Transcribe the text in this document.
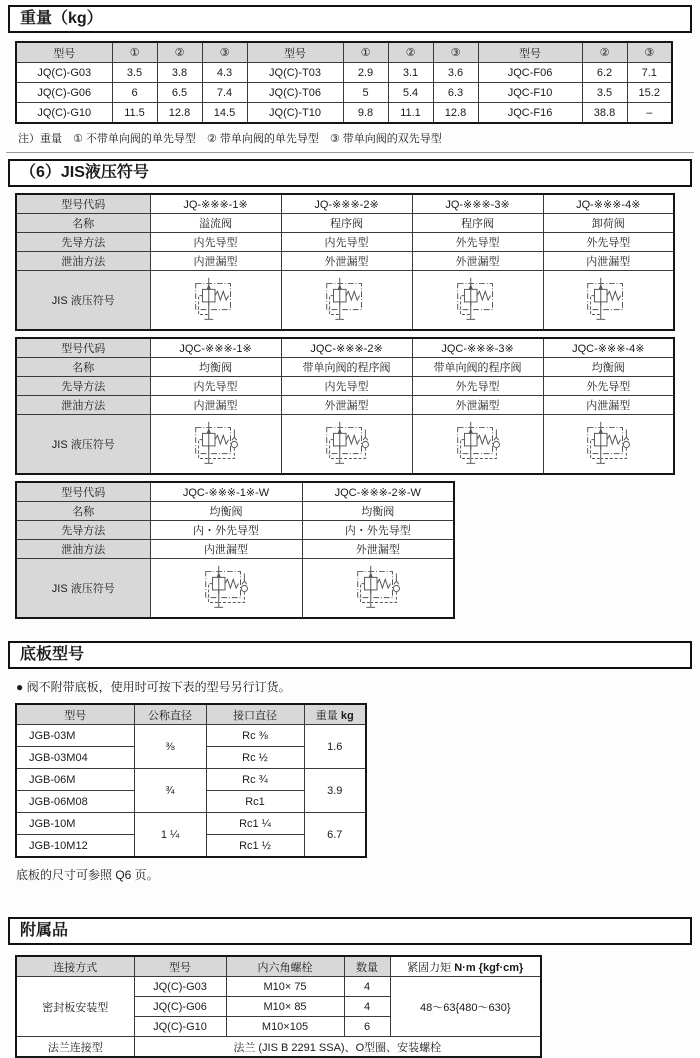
重量（kg）
型号	①	②	③	型号	①	②	③	型号	②	③
JQ(C)-G03	3.5	3.8	4.3	JQ(C)-T03	2.9	3.1	3.6	JQC-F06	6.2	7.1
JQ(C)-G06	6	6.5	7.4	JQ(C)-T06	5	5.4	6.3	JQC-F10	3.5	15.2
JQ(C)-G10	11.5	12.8	14.5	JQ(C)-T10	9.8	11.1	12.8	JQC-F16	38.8	–
注）重量　① 不带单向阀的单先导型　② 带单向阀的单先导型　③ 带单向阀的双先导型
（6）JIS液压符号
型号代码	JQ-※※※-1※	JQ-※※※-2※	JQ-※※※-3※	JQ-※※※-4※
名称	溢流阀	程序阀	程序阀	卸荷阀
先导方法	内先导型	内先导型	外先导型	外先导型
泄油方法	内泄漏型	外泄漏型	外泄漏型	内泄漏型
JIS 液压符号	

型号代码	JQC-※※※-1※	JQC-※※※-2※	JQC-※※※-3※	JQC-※※※-4※
名称	均衡阀	带单向阀的程序阀	带单向阀的程序阀	均衡阀
先导方法	内先导型	内先导型	外先导型	外先导型
泄油方法	内泄漏型	外泄漏型	外泄漏型	内泄漏型
JIS 液压符号	

型号代码	JQC-※※※-1※-W	JQC-※※※-2※-W
名称	均衡阀	均衡阀
先导方法	内・外先导型	内・外先导型
泄油方法	内泄漏型	外泄漏型
JIS 液压符号	

底板型号
● 阀不附带底板，使用时可按下表的型号另行订货。
型号	公称直径	接口直径	重量 kg
JGB-03M	⅜	Rc ⅜	1.6
JGB-03M04		Rc ½	
JGB-06M	¾	Rc ¾	3.9
JGB-06M08		Rc1	
JGB-10M	1 ¼	Rc1 ¼	6.7
JGB-10M12		Rc1 ½	
底板的尺寸可参照 Q6 页。
附属品
连接方式	型号	内六角螺栓	数量	紧固力矩 N·m {kgf·cm}
密封板安装型	JQ(C)-G03	M10× 75	4	48～63{480～630}
	JQ(C)-G06	M10× 85	4	
	JQ(C)-G10	M10×105	6	
法兰连接型	法兰 (JIS B 2291 SSA)、O型圈、安装螺栓			
